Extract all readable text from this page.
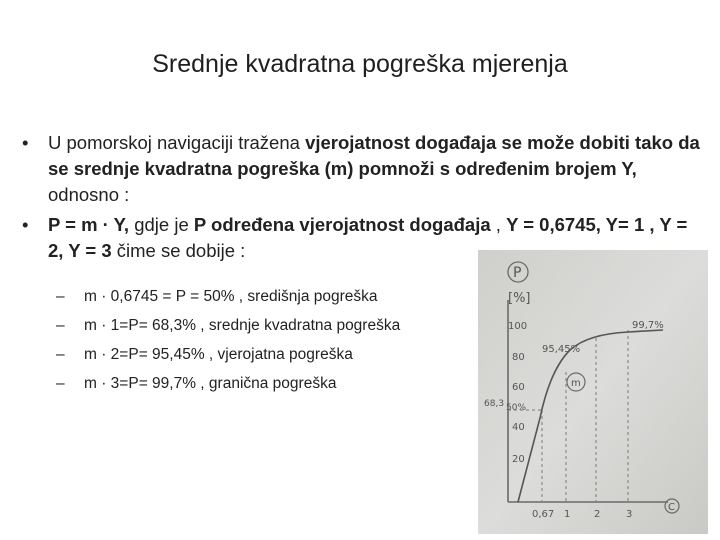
Srednje kvadratna pogreška mjerenja
• U pomorskoj navigaciji tražena vjerojatnost događaja se može dobiti tako da se srednje kvadratna pogreška (m) pomnoži s određenim brojem Y, odnosno :
• P = m · Y, gdje je P određena vjerojatnost događaja , Y = 0,6745, Y= 1 , Y = 2, Y = 3 čime se dobije :
– m · 0,6745 = P = 50% , središnja pogreška
– m · 1=P= 68,3% , srednje kvadratna pogreška
– m · 2=P= 95,45% , vjerojatna pogreška
– m · 3=P= 99,7% , granična pogreška
P
[%]
100
80
60
40
20
68,3 50%
0,67 1 2	3
C
95,45%
99,7%
m
